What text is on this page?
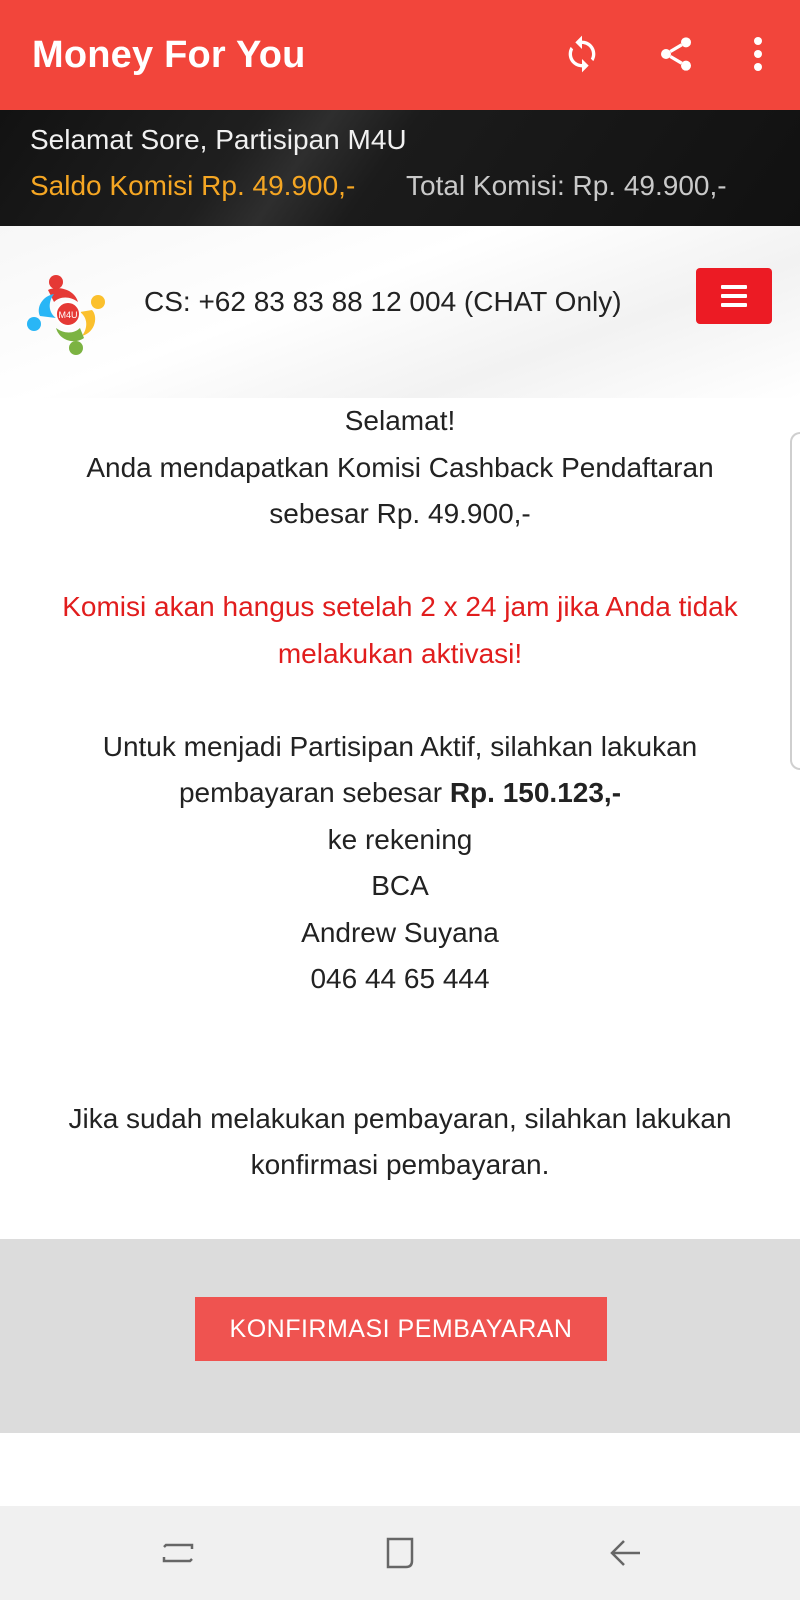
Money For You
Selamat Sore, Partisipan M4U
Saldo Komisi Rp. 49.900,- Total Komisi: Rp. 49.900,-
M4U CS: +62 83 83 88 12 004 (CHAT Only)

Selamat!

Anda mendapatkan Komisi Cashback Pendaftaran

sebesar Rp. 49.900,-

Komisi akan hangus setelah 2 x 24 jam jika Anda tidak

melakukan aktivasi!

Untuk menjadi Partisipan Aktif, silahkan lakukan

pembayaran sebesar Rp. 150.123,-

ke rekening

BCA

Andrew Suyana

046 44 65 444

Jika sudah melakukan pembayaran, silahkan lakukan

konfirmasi pembayaran.

KONFIRMASI PEMBAYARAN
